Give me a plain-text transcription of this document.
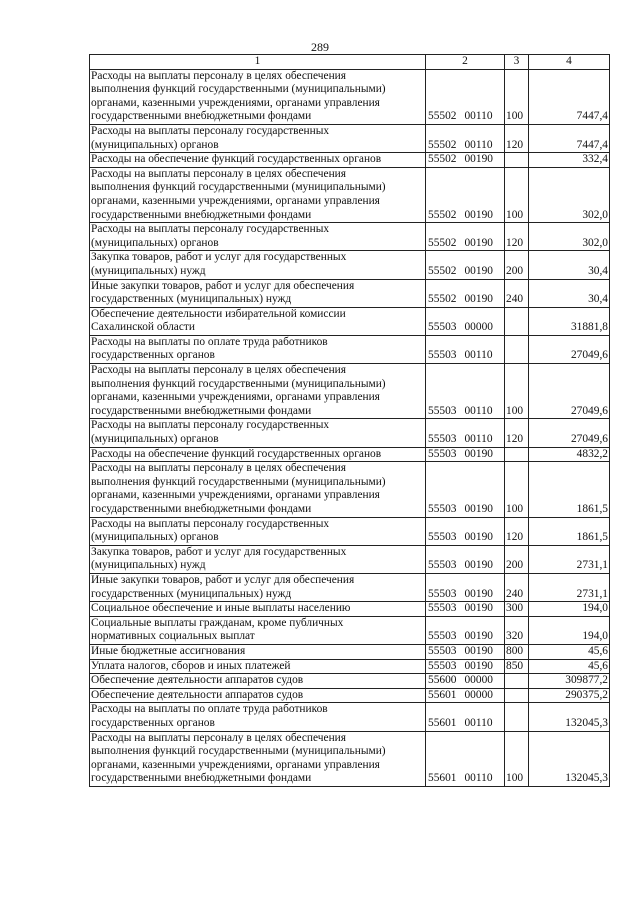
289
1	2	3	4
Расходы на выплаты персоналу в целях обеспечения
выполнения функций государственными (муниципальными)
органами, казенными учреждениями, органами управления
государственными внебюджетными фондами	55502 00110	100	7447,4
Расходы на выплаты персоналу государственных
(муниципальных) органов	55502 00110	120	7447,4
Расходы на обеспечение функций государственных органов	55502 00190		332,4
Расходы на выплаты персоналу в целях обеспечения
выполнения функций государственными (муниципальными)
органами, казенными учреждениями, органами управления
государственными внебюджетными фондами	55502 00190	100	302,0
Расходы на выплаты персоналу государственных
(муниципальных) органов	55502 00190	120	302,0
Закупка товаров, работ и услуг для государственных
(муниципальных) нужд	55502 00190	200	30,4
Иные закупки товаров, работ и услуг для обеспечения
государственных (муниципальных) нужд	55502 00190	240	30,4
Обеспечение деятельности избирательной комиссии
Сахалинской области	55503 00000		31881,8
Расходы на выплаты по оплате труда работников
государственных органов	55503 00110		27049,6
Расходы на выплаты персоналу в целях обеспечения
выполнения функций государственными (муниципальными)
органами, казенными учреждениями, органами управления
государственными внебюджетными фондами	55503 00110	100	27049,6
Расходы на выплаты персоналу государственных
(муниципальных) органов	55503 00110	120	27049,6
Расходы на обеспечение функций государственных органов	55503 00190		4832,2
Расходы на выплаты персоналу в целях обеспечения
выполнения функций государственными (муниципальными)
органами, казенными учреждениями, органами управления
государственными внебюджетными фондами	55503 00190	100	1861,5
Расходы на выплаты персоналу государственных
(муниципальных) органов	55503 00190	120	1861,5
Закупка товаров, работ и услуг для государственных
(муниципальных) нужд	55503 00190	200	2731,1
Иные закупки товаров, работ и услуг для обеспечения
государственных (муниципальных) нужд	55503 00190	240	2731,1
Социальное обеспечение и иные выплаты населению	55503 00190	300	194,0
Социальные выплаты гражданам, кроме публичных
нормативных социальных выплат	55503 00190	320	194,0
Иные бюджетные ассигнования	55503 00190	800	45,6
Уплата налогов, сборов и иных платежей	55503 00190	850	45,6
Обеспечение деятельности аппаратов судов	55600 00000		309877,2
Обеспечение деятельности аппаратов судов	55601 00000		290375,2
Расходы на выплаты по оплате труда работников
государственных органов	55601 00110		132045,3
Расходы на выплаты персоналу в целях обеспечения
выполнения функций государственными (муниципальными)
органами, казенными учреждениями, органами управления
государственными внебюджетными фондами	55601 00110	100	132045,3
